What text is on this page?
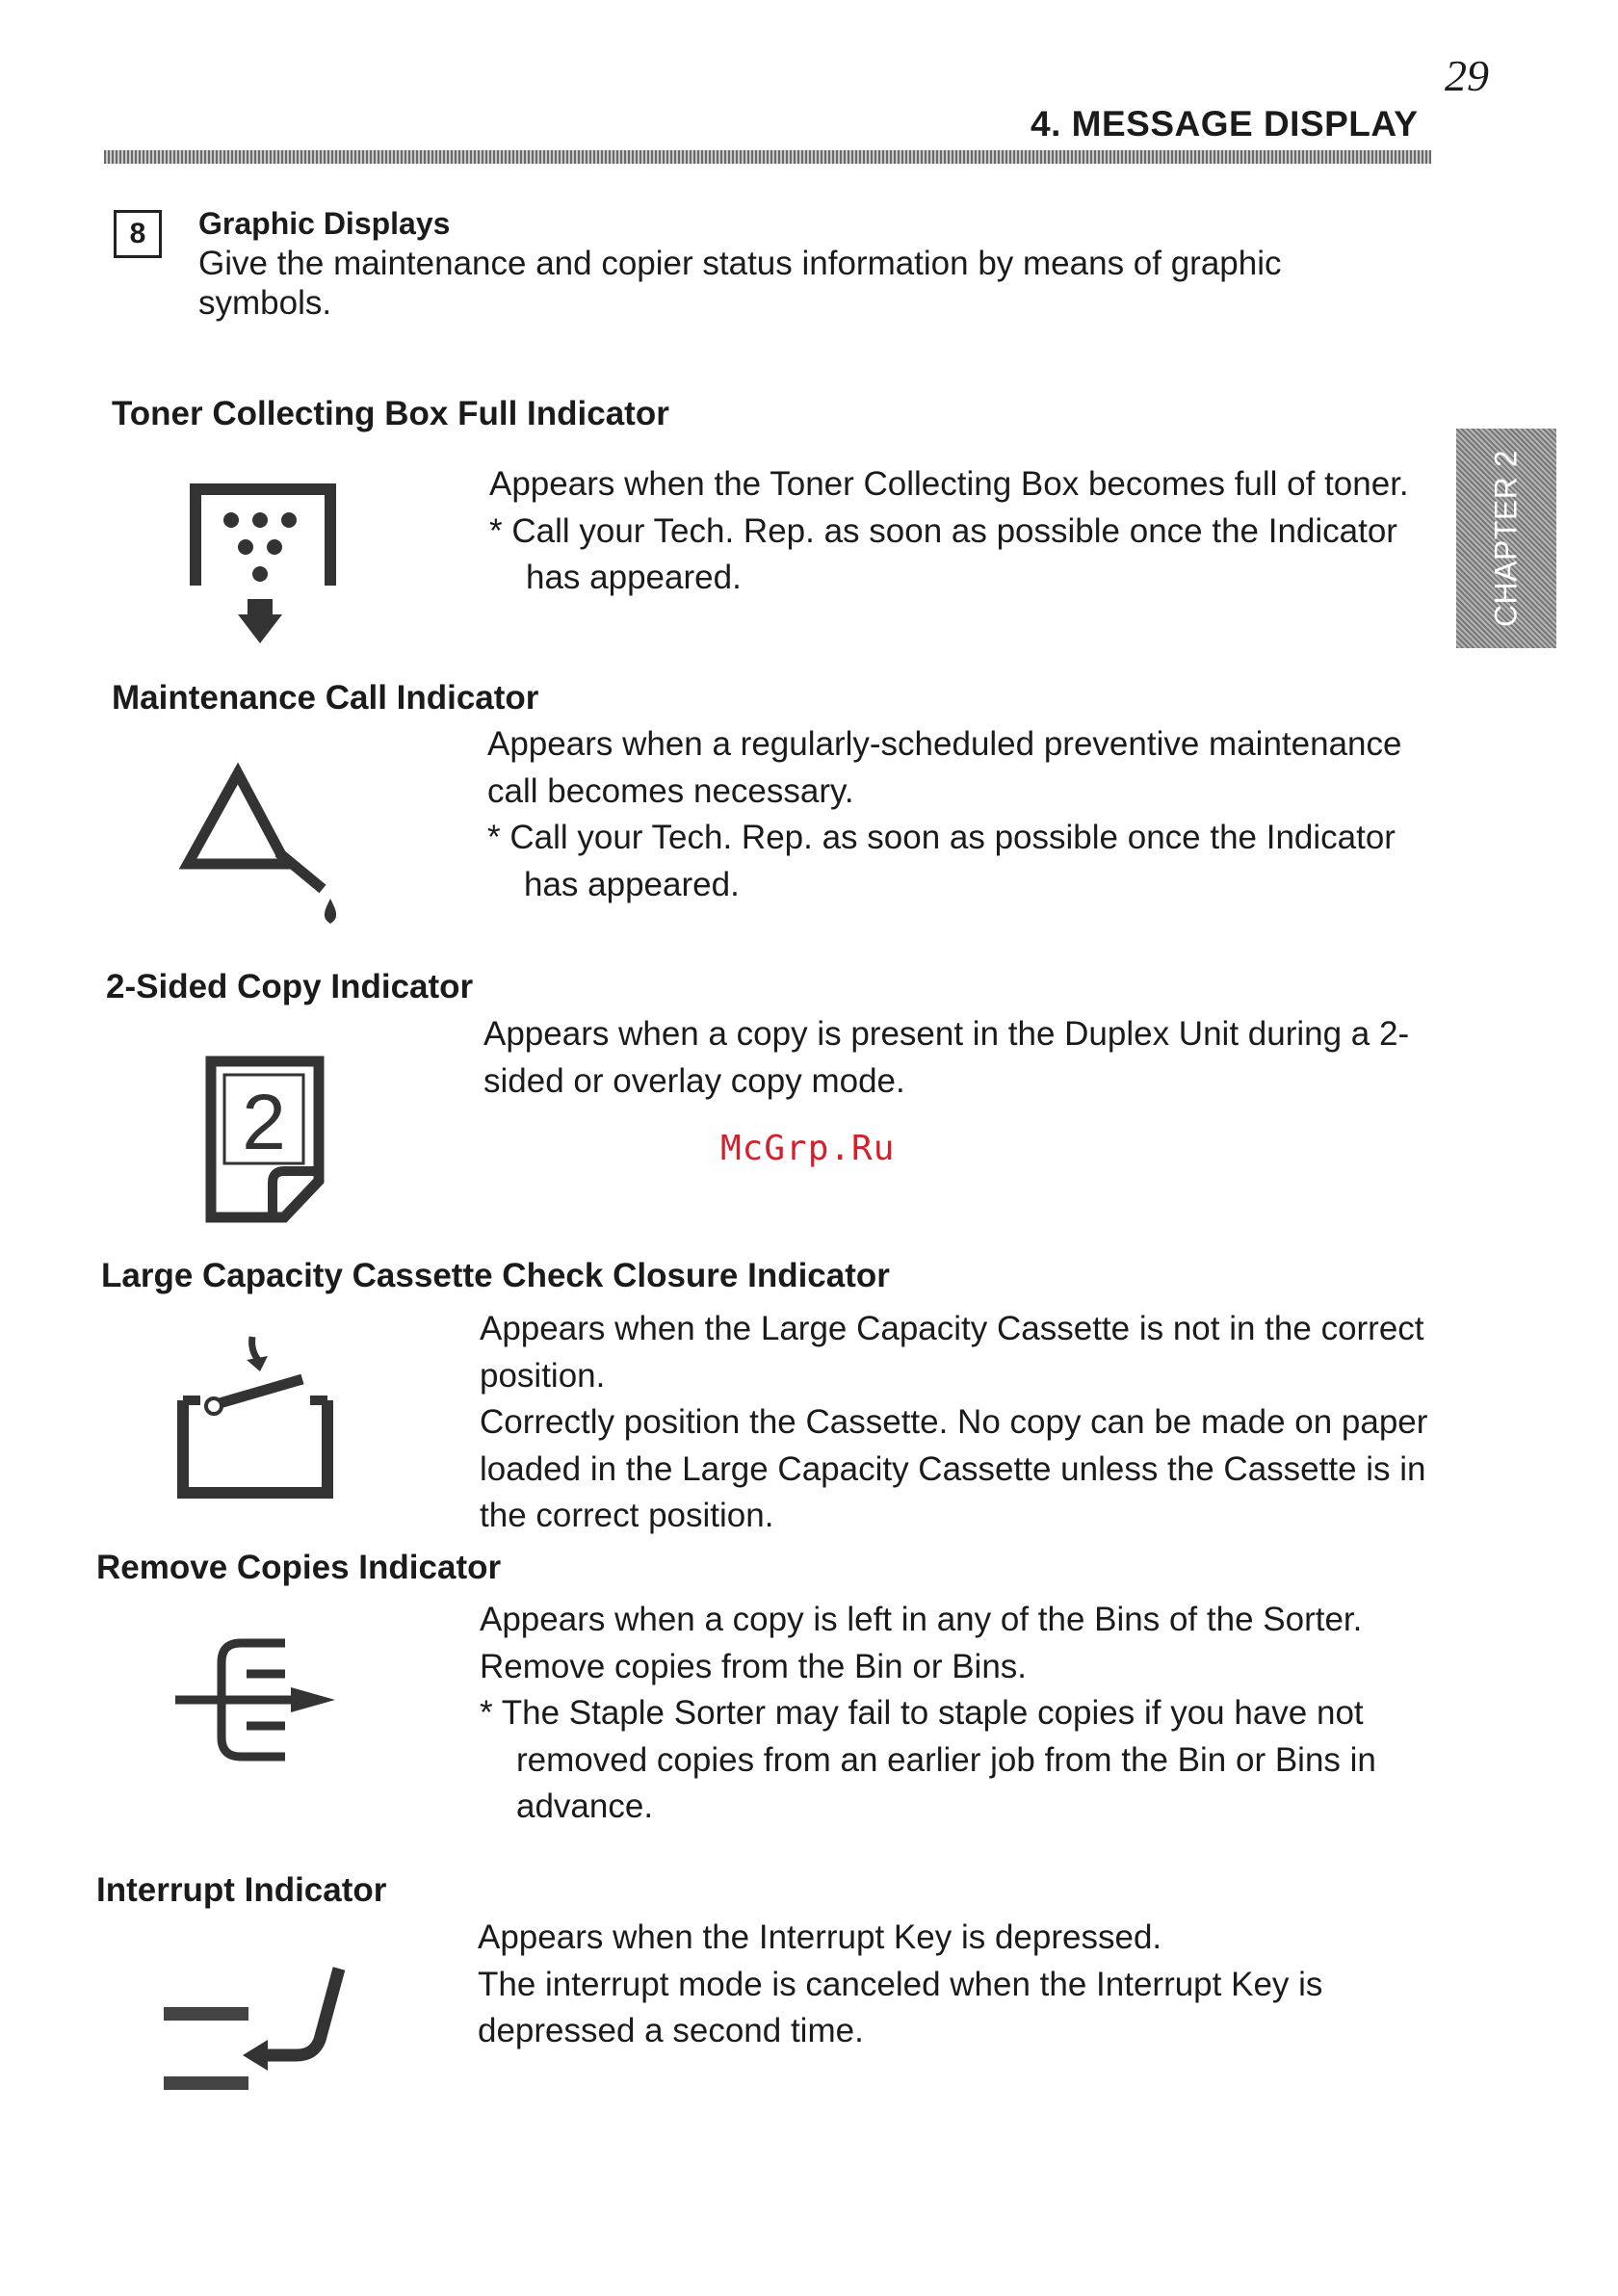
29
4. MESSAGE DISPLAY
CHAPTER 2
8	Graphic Displays
Give the maintenance and copier status information by means of graphic symbols.
Toner Collecting Box Full Indicator
Appears when the Toner Collecting Box becomes full of toner.
* Call your Tech. Rep. as soon as possible once the Indicator has appeared.
Maintenance Call Indicator
Appears when a regularly-scheduled preventive maintenance call becomes necessary.
* Call your Tech. Rep. as soon as possible once the Indicator has appeared.
2-Sided Copy Indicator
2
Appears when a copy is present in the Duplex Unit during a 2- sided or overlay copy mode.
McGrp.Ru
Large Capacity Cassette Check Closure Indicator
Appears when the Large Capacity Cassette is not in the correct position.
Correctly position the Cassette. No copy can be made on paper loaded in the Large Capacity Cassette unless the Cassette is in the correct position.
Remove Copies Indicator
Appears when a copy is left in any of the Bins of the Sorter.
Remove copies from the Bin or Bins.
* The Staple Sorter may fail to staple copies if you have not removed copies from an earlier job from the Bin or Bins in advance.
Interrupt Indicator
Appears when the Interrupt Key is depressed.
The interrupt mode is canceled when the Interrupt Key is depressed a second time.
